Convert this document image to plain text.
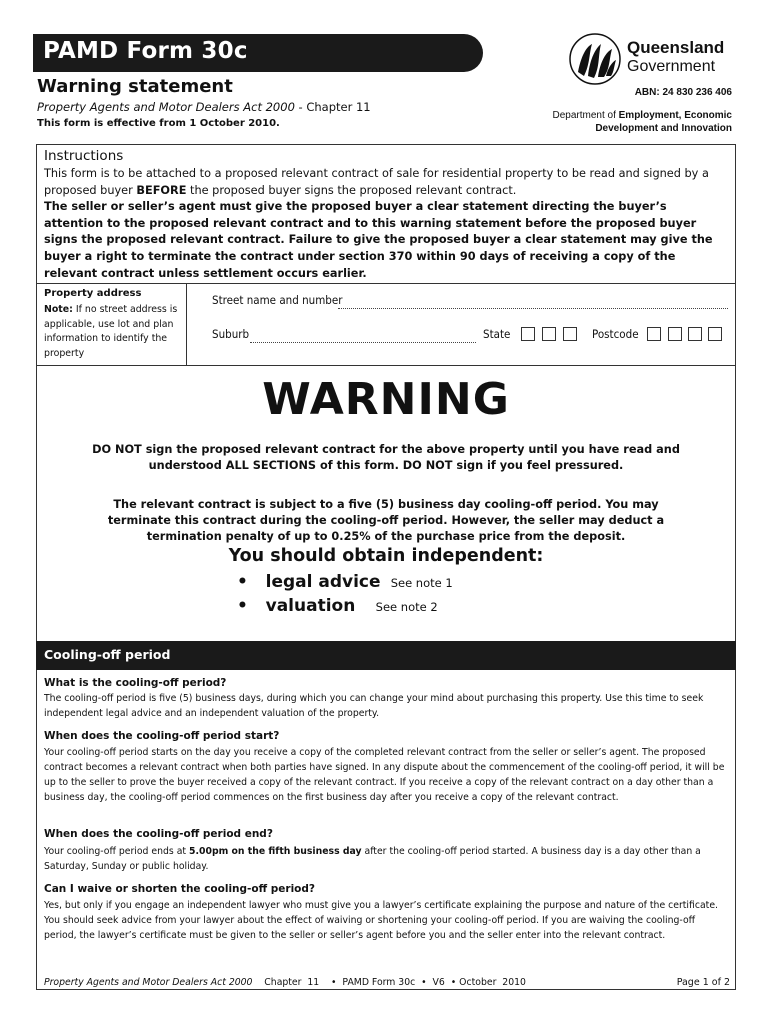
PAMD Form 30c
Warning statement
Property Agents and Motor Dealers Act 2000 - Chapter 11
This form is effective from 1 October 2010.
Queensland
Government
ABN: 24 830 236 406
Department of Employment, Economic
Development and Innovation
Instructions
This form is to be attached to a proposed relevant contract of sale for residential property to be read and signed by a proposed buyer BEFORE the proposed buyer signs the proposed relevant contract.
The seller or seller’s agent must give the proposed buyer a clear statement directing the buyer’s attention to the proposed relevant contract and to this warning statement before the proposed buyer signs the proposed relevant contract. Failure to give the proposed buyer a clear statement may give the buyer a right to terminate the contract under section 370 within 90 days of receiving a copy of the relevant contract unless settlement occurs earlier.
Property address
Note: If no street address is applicable, use lot and plan information to identify the property
Street name and number
Suburb	State	Postcode
WARNING
DO NOT sign the proposed relevant contract for the above property until you have read and
understood ALL SECTIONS of this form. DO NOT sign if you feel pressured.
The relevant contract is subject to a five (5) business day cooling-off period. You may
terminate this contract during the cooling-off period. However, the seller may deduct a
termination penalty of up to 0.25% of the purchase price from the deposit.
You should obtain independent:
•   legal advice See note 1
•   valuation See note 2
Cooling-off period
What is the cooling-off period?
The cooling-off period is five (5) business days, during which you can change your mind about purchasing this property. Use this time to seek independent legal advice and an independent valuation of the property.
When does the cooling-off period start?
Your cooling-off period starts on the day you receive a copy of the completed relevant contract from the seller or seller’s agent. The proposed contract becomes a relevant contract when both parties have signed. In any dispute about the commencement of the cooling-off period, it will be up to the seller to prove the buyer received a copy of the relevant contract. If you receive a copy of the relevant contract on a day other than a business day, the cooling-off period commences on the first business day after you receive a copy of the relevant contract.
When does the cooling-off period end?
Your cooling-off period ends at 5.00pm on the fifth business day after the cooling-off period started. A business day is a day other than a Saturday, Sunday or public holiday.
Can I waive or shorten the cooling-off period?
Yes, but only if you engage an independent lawyer who must give you a lawyer’s certificate explaining the purpose and nature of the certificate. You should seek advice from your lawyer about the effect of waiving or shortening your cooling-off period. If you are waiving the cooling-off period, the lawyer’s certificate must be given to the seller or seller’s agent before you and the seller enter into the relevant contract.
Property Agents and Motor Dealers Act 2000    Chapter  11    •  PAMD Form 30c  •  V6  • October  2010	Page 1 of 2
